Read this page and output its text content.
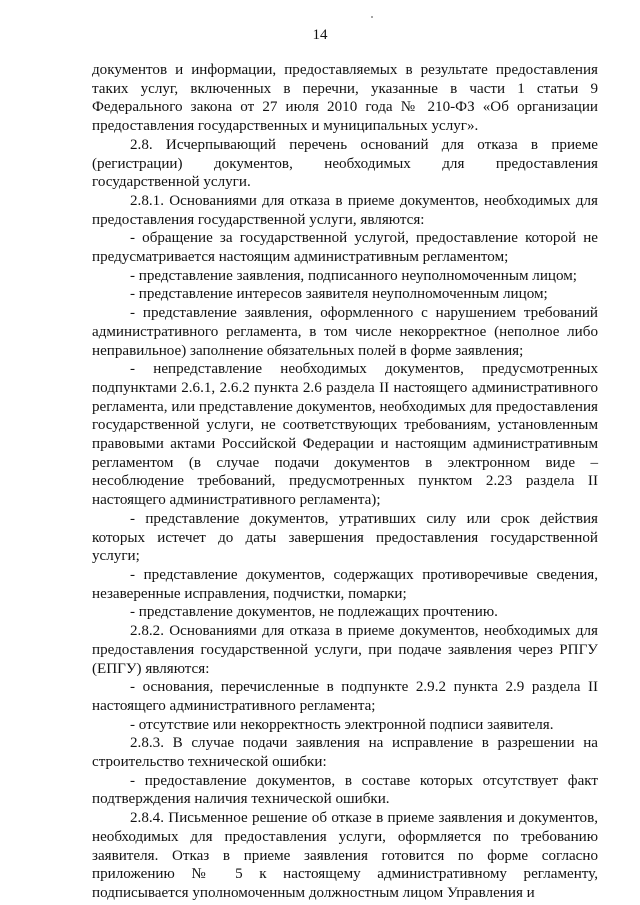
14

документов и информации, предоставляемых в результате предоставления таких услуг, включенных в перечни, указанные в части 1 статьи 9 Федерального закона от 27 июля 2010 года № 210-ФЗ «Об организации предоставления государственных и муниципальных услуг».

2.8. Исчерпывающий перечень оснований для отказа в приеме (регистрации) документов, необходимых для предоставления государственной услуги.

2.8.1. Основаниями для отказа в приеме документов, необходимых для предоставления государственной услуги, являются:

- обращение за государственной услугой, предоставление которой не предусматривается настоящим административным регламентом;

- представление заявления, подписанного неуполномоченным лицом;

- представление интересов заявителя неуполномоченным лицом;

- представление заявления, оформленного с нарушением требований административного регламента, в том числе некорректное (неполное либо неправильное) заполнение обязательных полей в форме заявления;

- непредставление необходимых документов, предусмотренных подпунктами 2.6.1, 2.6.2 пункта 2.6 раздела II настоящего административного регламента, или представление документов, необходимых для предоставления государственной услуги, не соответствующих требованиям, установленным правовыми актами Российской Федерации и настоящим административным регламентом (в случае подачи документов в электронном виде – несоблюдение требований, предусмотренных пунктом 2.23 раздела II настоящего административного регламента);

- представление документов, утративших силу или срок действия которых истечет до даты завершения предоставления государственной услуги;

- представление документов, содержащих противоречивые сведения, незаверенные исправления, подчистки, помарки;

- представление документов, не подлежащих прочтению.

2.8.2. Основаниями для отказа в приеме документов, необходимых для предоставления государственной услуги, при подаче заявления через РПГУ (ЕПГУ) являются:

- основания, перечисленные в подпункте 2.9.2 пункта 2.9 раздела II настоящего административного регламента;

- отсутствие или некорректность электронной подписи заявителя.

2.8.3. В случае подачи заявления на исправление в разрешении на строительство технической ошибки:

- предоставление документов, в составе которых отсутствует факт подтверждения наличия технической ошибки.

2.8.4. Письменное решение об отказе в приеме заявления и документов, необходимых для предоставления услуги, оформляется по требованию заявителя. Отказ в приеме заявления готовится по форме согласно приложению № 5 к настоящему административному регламенту, подписывается уполномоченным должностным лицом Управления и
